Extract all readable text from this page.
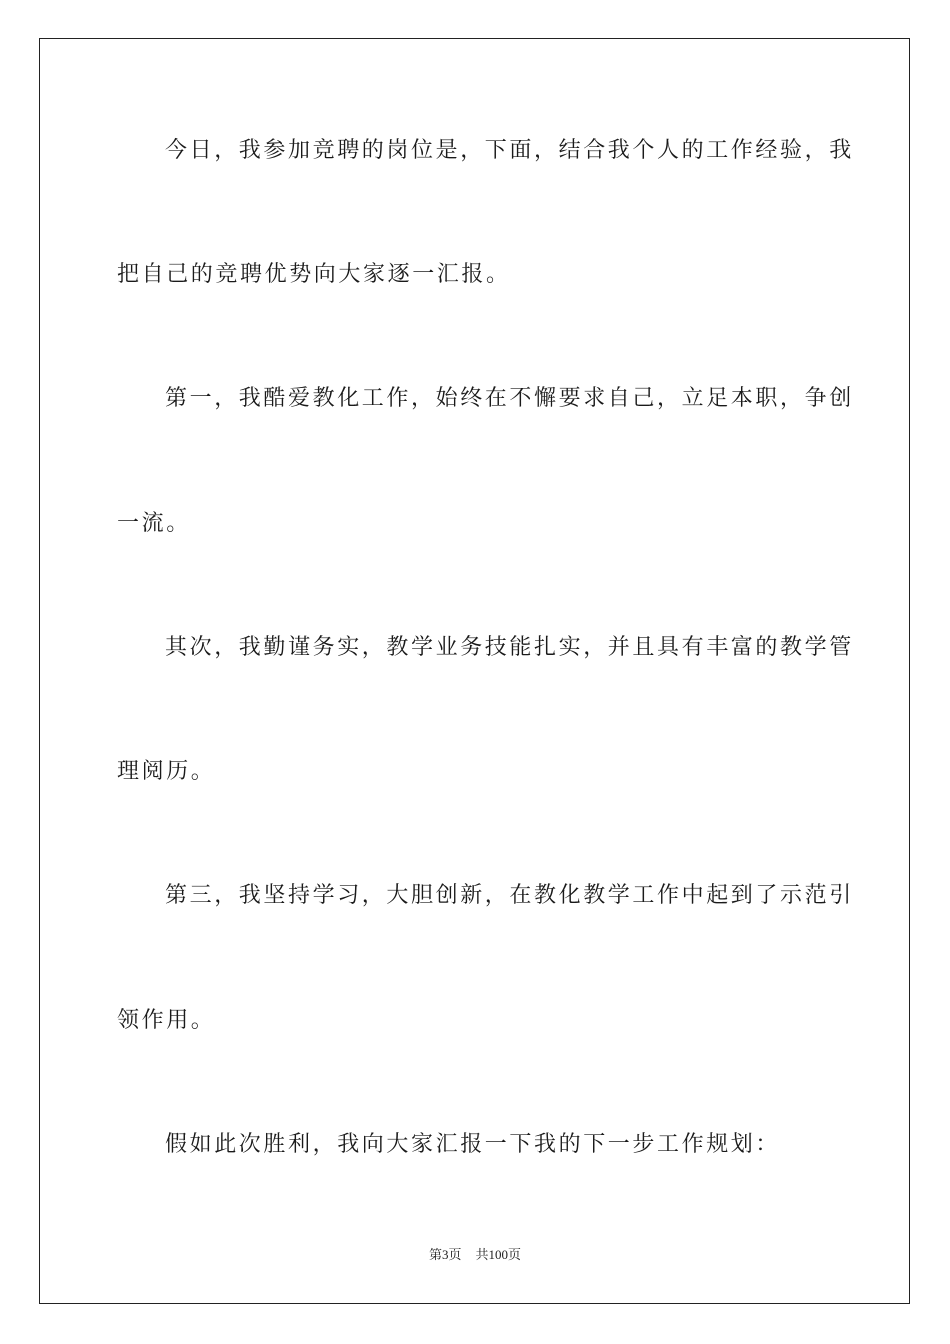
今日，我参加竞聘的岗位是，下面，结合我个人的工作经验，我
把自己的竞聘优势向大家逐一汇报。
第一，我酷爱教化工作，始终在不懈要求自己，立足本职，争创
一流。
其次，我勤谨务实，教学业务技能扎实，并且具有丰富的教学管
理阅历。
第三，我坚持学习，大胆创新，在教化教学工作中起到了示范引
领作用。
假如此次胜利，我向大家汇报一下我的下一步工作规划：
第3页 共100页
